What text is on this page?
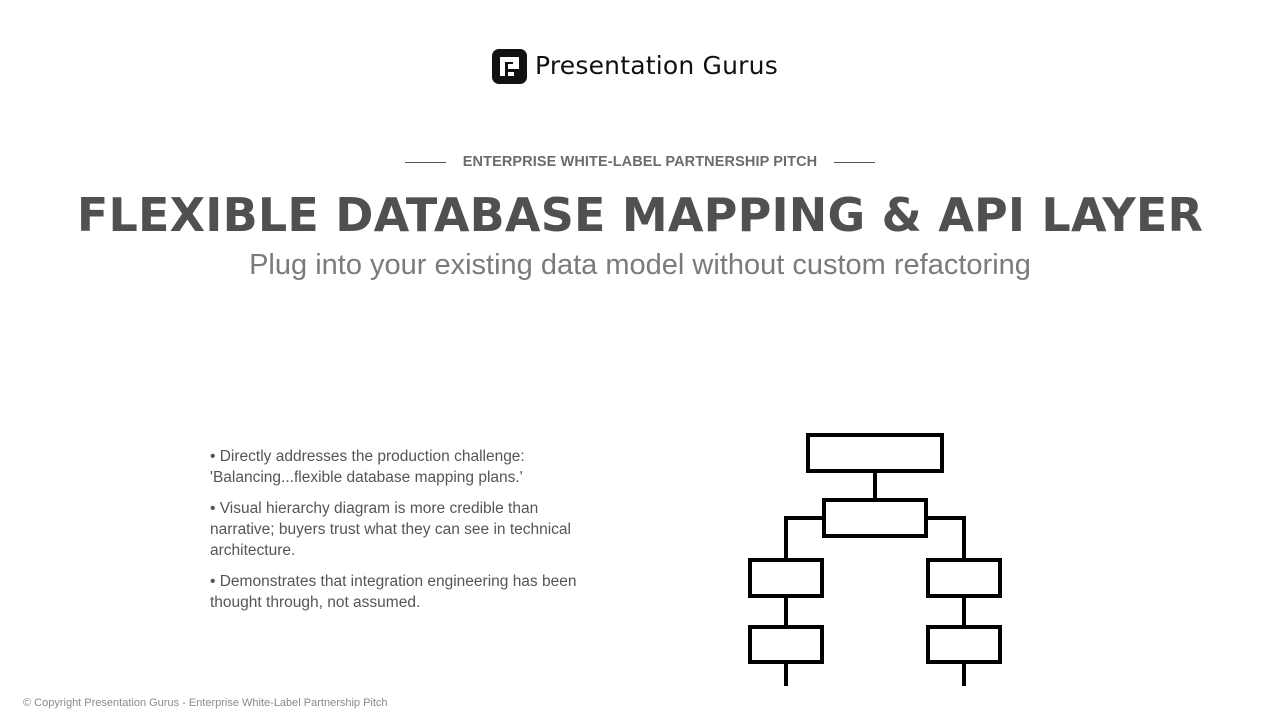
Presentation Gurus
ENTERPRISE WHITE-LABEL PARTNERSHIP PITCH
FLEXIBLE DATABASE MAPPING & API LAYER
Plug into your existing data model without custom refactoring
• Directly addresses the production challenge: 'Balancing...flexible database mapping plans.'
• Visual hierarchy diagram is more credible than narrative; buyers trust what they can see in technical architecture.
• Demonstrates that integration engineering has been thought through, not assumed.
© Copyright Presentation Gurus - Enterprise White-Label Partnership Pitch
